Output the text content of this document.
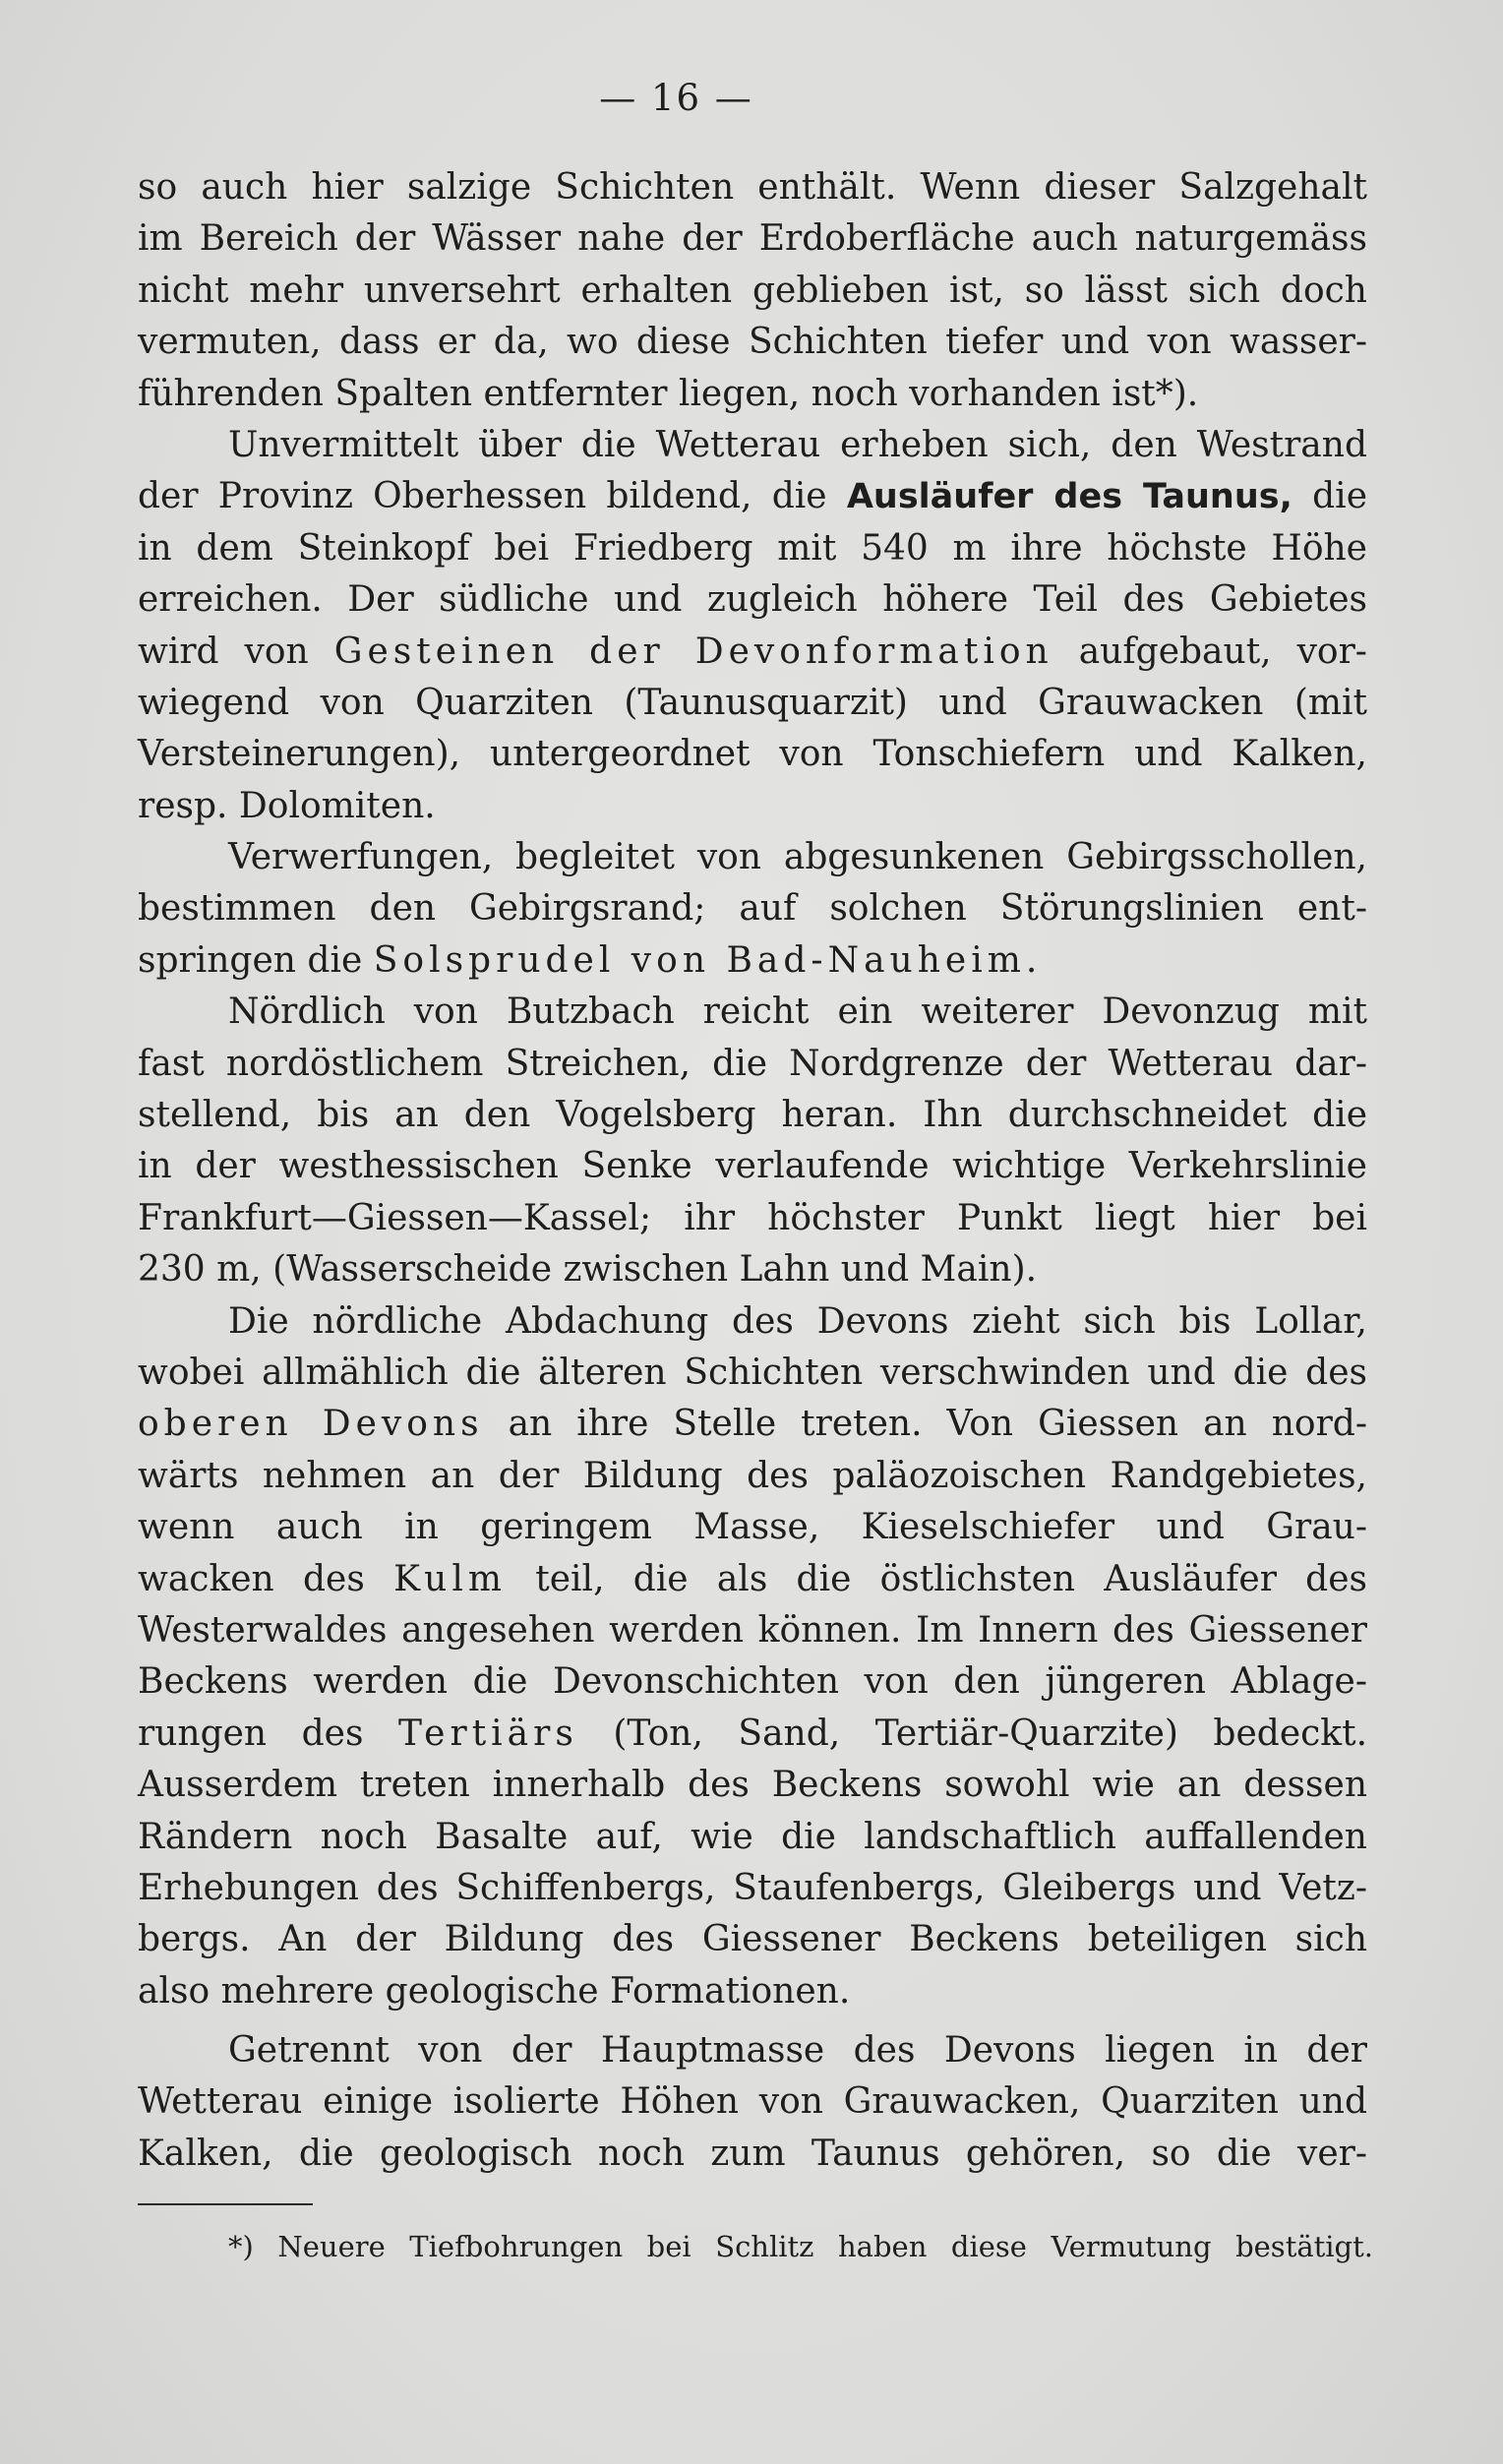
— 16 —
so auch hier salzige Schichten enthält. Wenn dieser Salzgehalt
im Bereich der Wässer nahe der Erdoberfläche auch naturgemäss
nicht mehr unversehrt erhalten geblieben ist, so lässt sich doch
vermuten, dass er da, wo diese Schichten tiefer und von wasser-
führenden Spalten entfernter liegen, noch vorhanden ist*).
Unvermittelt über die Wetterau erheben sich, den Westrand
der Provinz Oberhessen bildend, die Ausläufer des Taunus, die
in dem Steinkopf bei Friedberg mit 540 m ihre höchste Höhe
erreichen. Der südliche und zugleich höhere Teil des Gebietes
wird von Gesteinen der Devonformation aufgebaut, vor-
wiegend von Quarziten (Taunusquarzit) und Grauwacken (mit
Versteinerungen), untergeordnet von Tonschiefern und Kalken,
resp. Dolomiten.
Verwerfungen, begleitet von abgesunkenen Gebirgsschollen,
bestimmen den Gebirgsrand; auf solchen Störungslinien ent-
springen die Solsprudel von Bad-Nauheim.
Nördlich von Butzbach reicht ein weiterer Devonzug mit
fast nordöstlichem Streichen, die Nordgrenze der Wetterau dar-
stellend, bis an den Vogelsberg heran. Ihn durchschneidet die
in der westhessischen Senke verlaufende wichtige Verkehrslinie
Frankfurt—Giessen—Kassel; ihr höchster Punkt liegt hier bei
230 m, (Wasserscheide zwischen Lahn und Main).
Die nördliche Abdachung des Devons zieht sich bis Lollar,
wobei allmählich die älteren Schichten verschwinden und die des
oberen Devons an ihre Stelle treten. Von Giessen an nord-
wärts nehmen an der Bildung des paläozoischen Randgebietes,
wenn auch in geringem Masse, Kieselschiefer und Grau-
wacken des Kulm teil, die als die östlichsten Ausläufer des
Westerwaldes angesehen werden können. Im Innern des Giessener
Beckens werden die Devonschichten von den jüngeren Ablage-
rungen des Tertiärs (Ton, Sand, Tertiär-Quarzite) bedeckt.
Ausserdem treten innerhalb des Beckens sowohl wie an dessen
Rändern noch Basalte auf, wie die landschaftlich auffallenden
Erhebungen des Schiffenbergs, Staufenbergs, Gleibergs und Vetz-
bergs. An der Bildung des Giessener Beckens beteiligen sich
also mehrere geologische Formationen.
Getrennt von der Hauptmasse des Devons liegen in der
Wetterau einige isolierte Höhen von Grauwacken, Quarziten und
Kalken, die geologisch noch zum Taunus gehören, so die ver-
*) Neuere Tiefbohrungen bei Schlitz haben diese Vermutung bestätigt.
